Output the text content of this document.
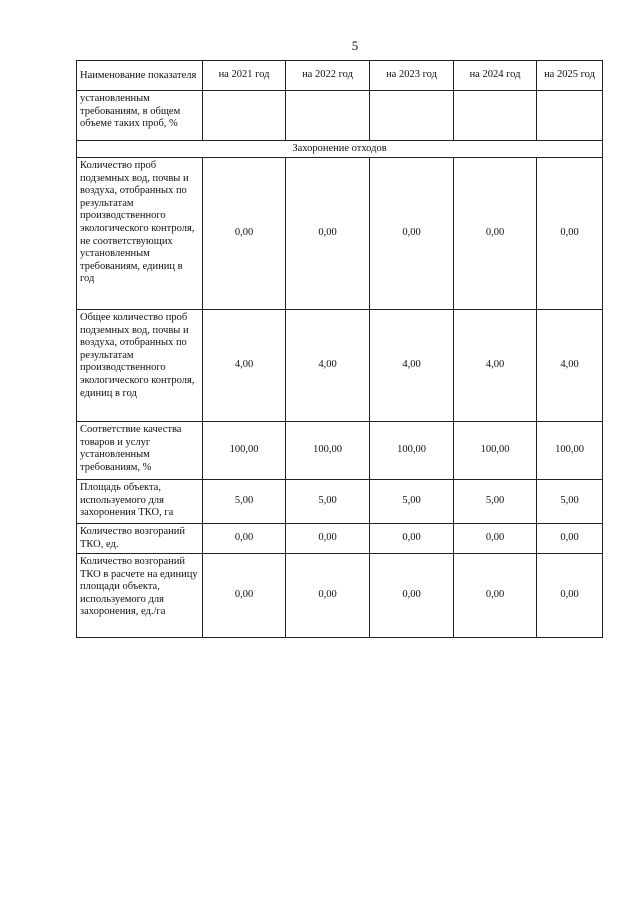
5
Наименование показателя	на 2021 год	на 2022 год	на 2023 год	на 2024 год	на 2025 год
установленным требованиям, в общем объеме таких проб, %					
Захоронение отходов					
Количество проб подземных вод, почвы и воздуха, отобранных по результатам производственного экологического контроля, не соответствующих установленным требованиям, единиц в год	0,00	0,00	0,00	0,00	0,00
Общее количество проб подземных вод, почвы и воздуха, отобранных по результатам производственного экологического контроля, единиц в год	4,00	4,00	4,00	4,00	4,00
Соответствие качества товаров и услуг установленным требованиям, %	100,00	100,00	100,00	100,00	100,00
Площадь объекта, используемого для захоронения ТКО, га	5,00	5,00	5,00	5,00	5,00
Количество возгораний ТКО, ед.	0,00	0,00	0,00	0,00	0,00
Количество возгораний ТКО в расчете на единицу площади объекта, используемого для захоронения, ед./га	0,00	0,00	0,00	0,00	0,00
